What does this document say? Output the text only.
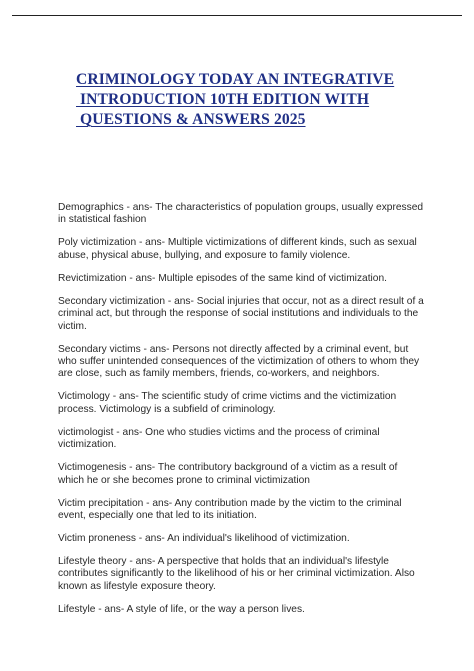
CRIMINOLOGY TODAY AN INTEGRATIVE
INTRODUCTION 10TH EDITION WITH
QUESTIONS & ANSWERS 2025

Demographics - ans- The characteristics of population groups, usually expressed in statistical fashion

Poly victimization - ans- Multiple victimizations of different kinds, such as sexual abuse, physical abuse, bullying, and exposure to family violence.

Revictimization - ans- Multiple episodes of the same kind of victimization.

Secondary victimization - ans- Social injuries that occur, not as a direct result of a criminal act, but through the response of social institutions and individuals to the victim.

Secondary victims - ans- Persons not directly affected by a criminal event, but who suffer unintended consequences of the victimization of others to whom they are close, such as family members, friends, co-workers, and neighbors.

Victimology - ans- The scientific study of crime victims and the victimization process. Victimology is a subfield of criminology.

victimologist - ans- One who studies victims and the process of criminal victimization.

Victimogenesis - ans- The contributory background of a victim as a result of which he or she becomes prone to criminal victimization

Victim precipitation - ans- Any contribution made by the victim to the criminal event, especially one that led to its initiation.

Victim proneness - ans- An individual's likelihood of victimization.

Lifestyle theory - ans- A perspective that holds that an individual's lifestyle contributes significantly to the likelihood of his or her criminal victimization. Also known as lifestyle exposure theory.

Lifestyle - ans- A style of life, or the way a person lives.
